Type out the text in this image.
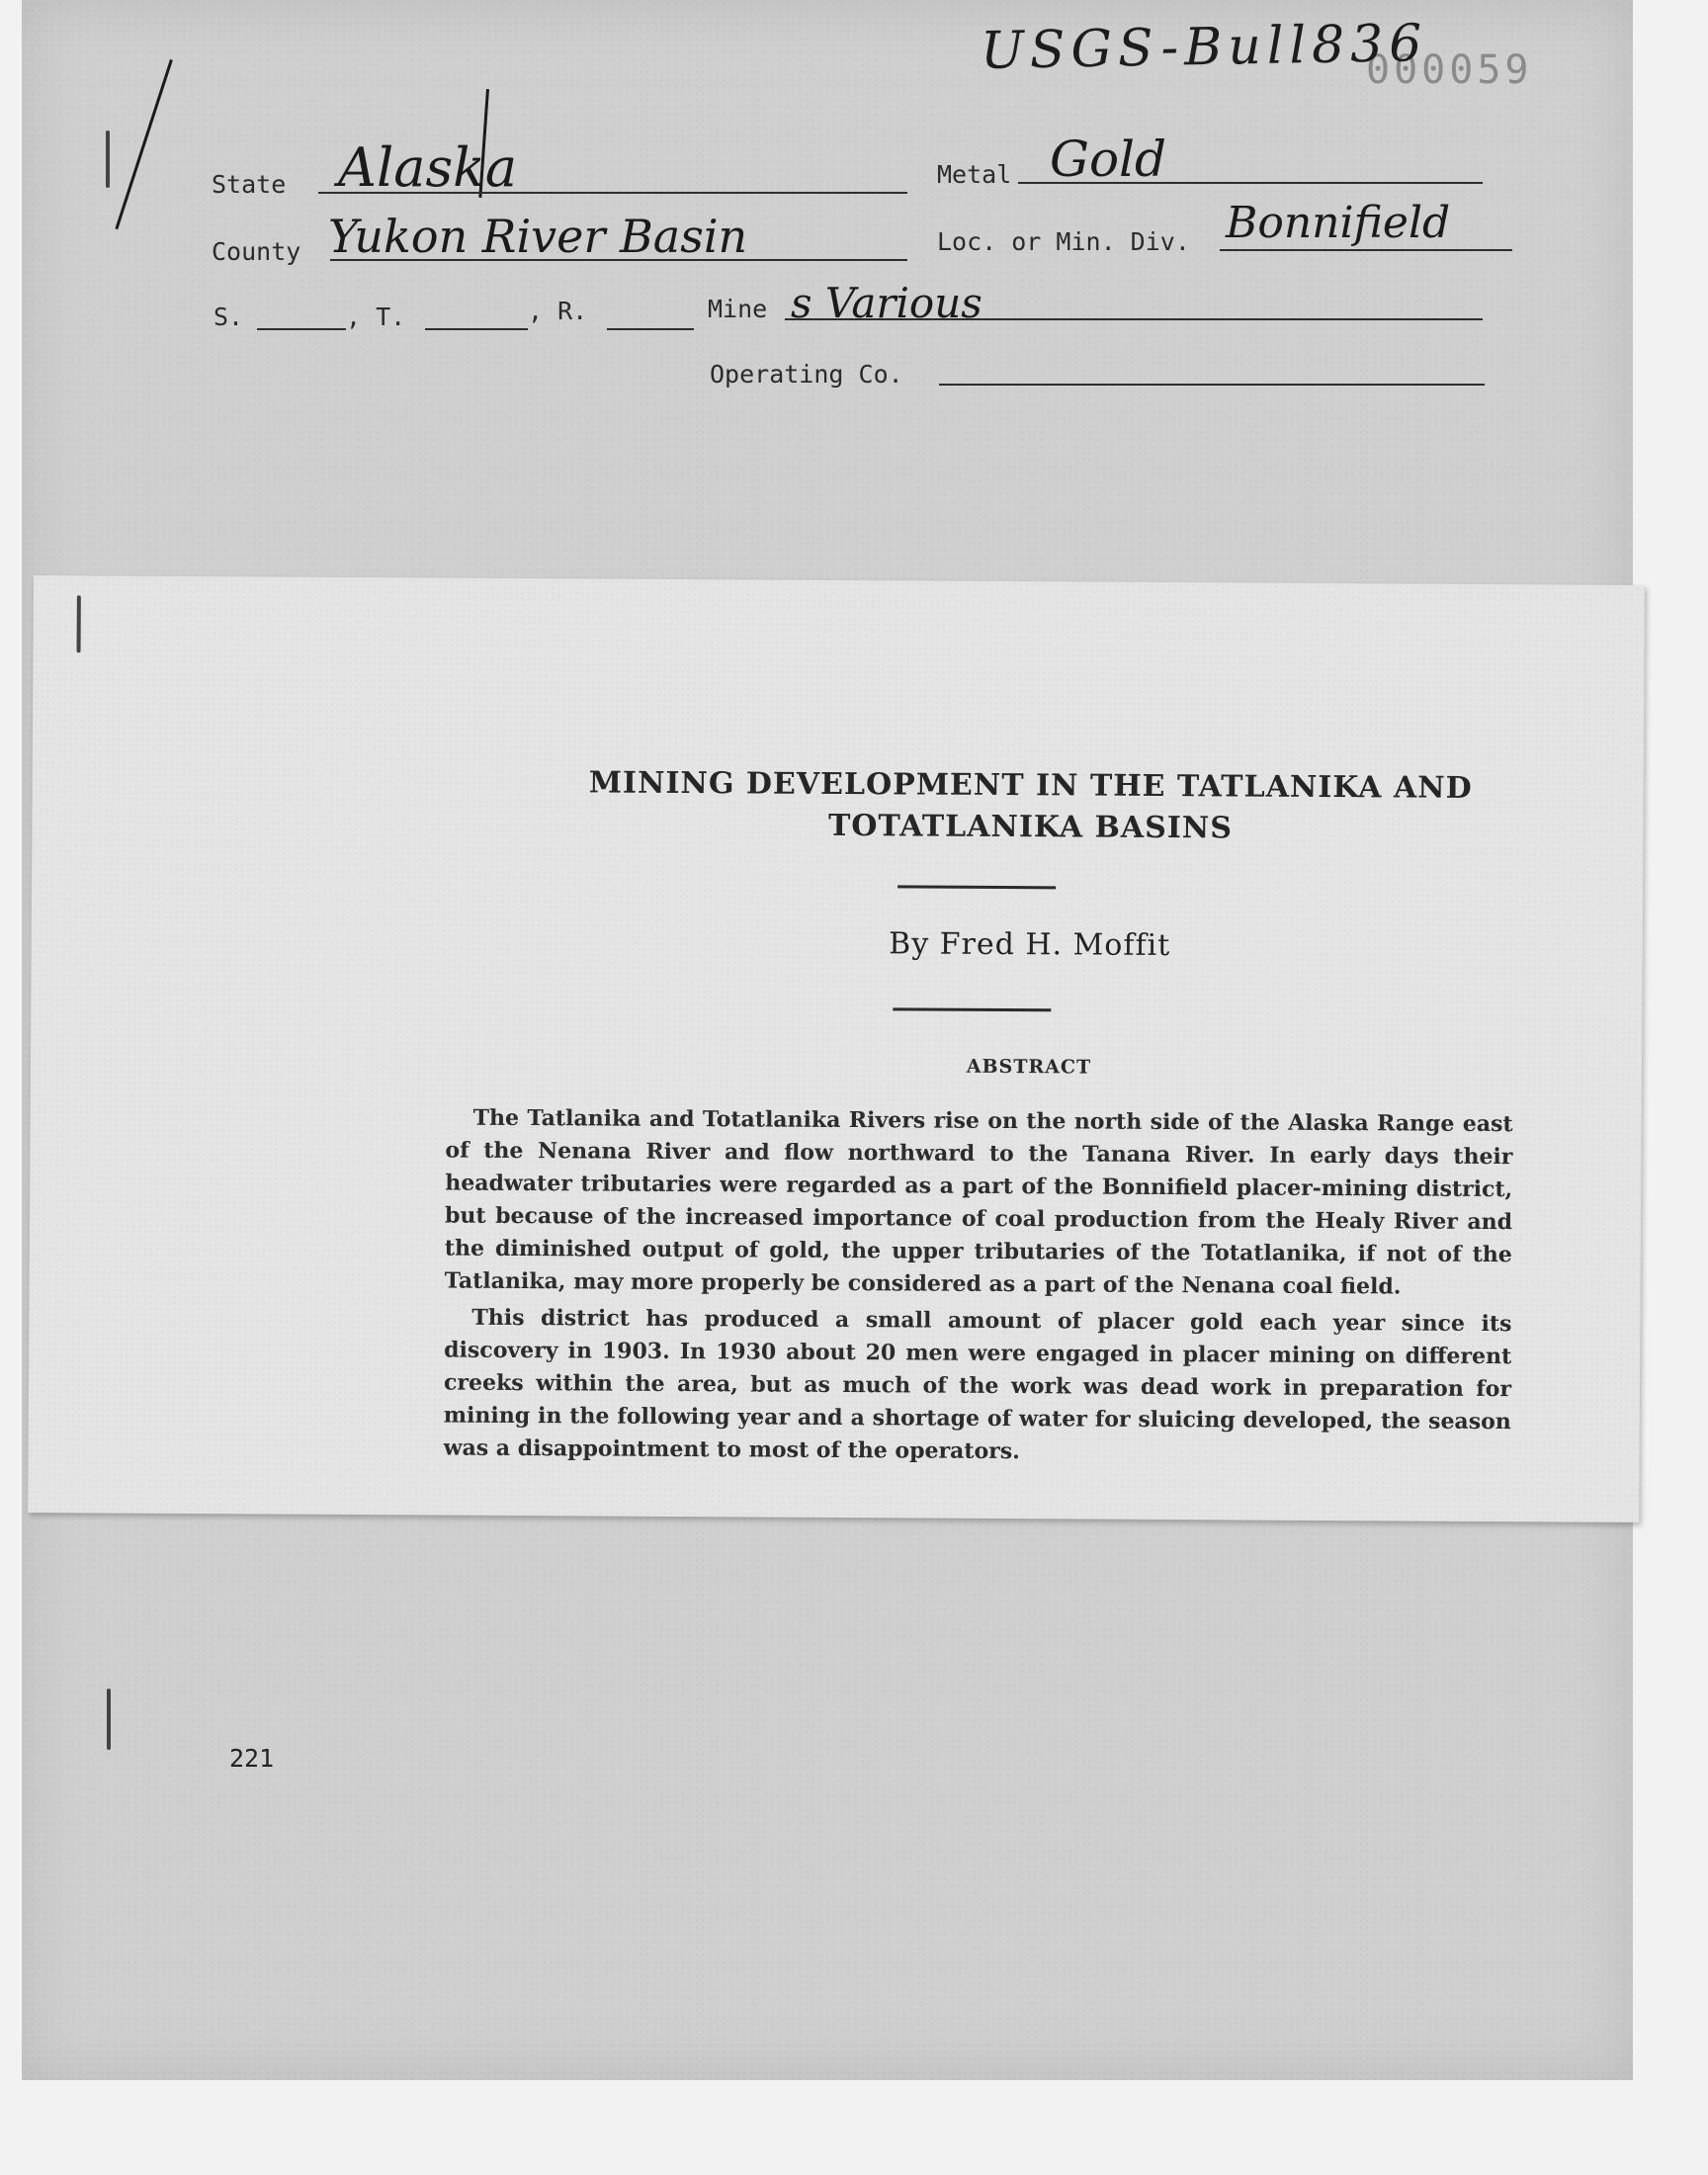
000059
USGS-Bull836
State Alaska	Metal Gold
County Yukon River Basin	Loc. or Min. Div. Bonnifield
S.	, T.	, R.	Mine s Various
Operating Co.
221
MINING DEVELOPMENT IN THE TATLANIKA AND TOTATLANIKA BASINS
By Fred H. Moffit
ABSTRACT

The Tatlanika and Totatlanika Rivers rise on the north side of the Alaska Range east of the Nenana River and flow northward to the Tanana River. In early days their headwater tributaries were regarded as a part of the Bonnifield placer-mining district, but because of the increased importance of coal production from the Healy River and the diminished output of gold, the upper tributaries of the Totatlanika, if not of the Tatlanika, may more properly be considered as a part of the Nenana coal field.

This district has produced a small amount of placer gold each year since its discovery in 1903. In 1930 about 20 men were engaged in placer mining on different creeks within the area, but as much of the work was dead work in preparation for mining in the following year and a shortage of water for sluicing developed, the season was a disappointment to most of the operators.
